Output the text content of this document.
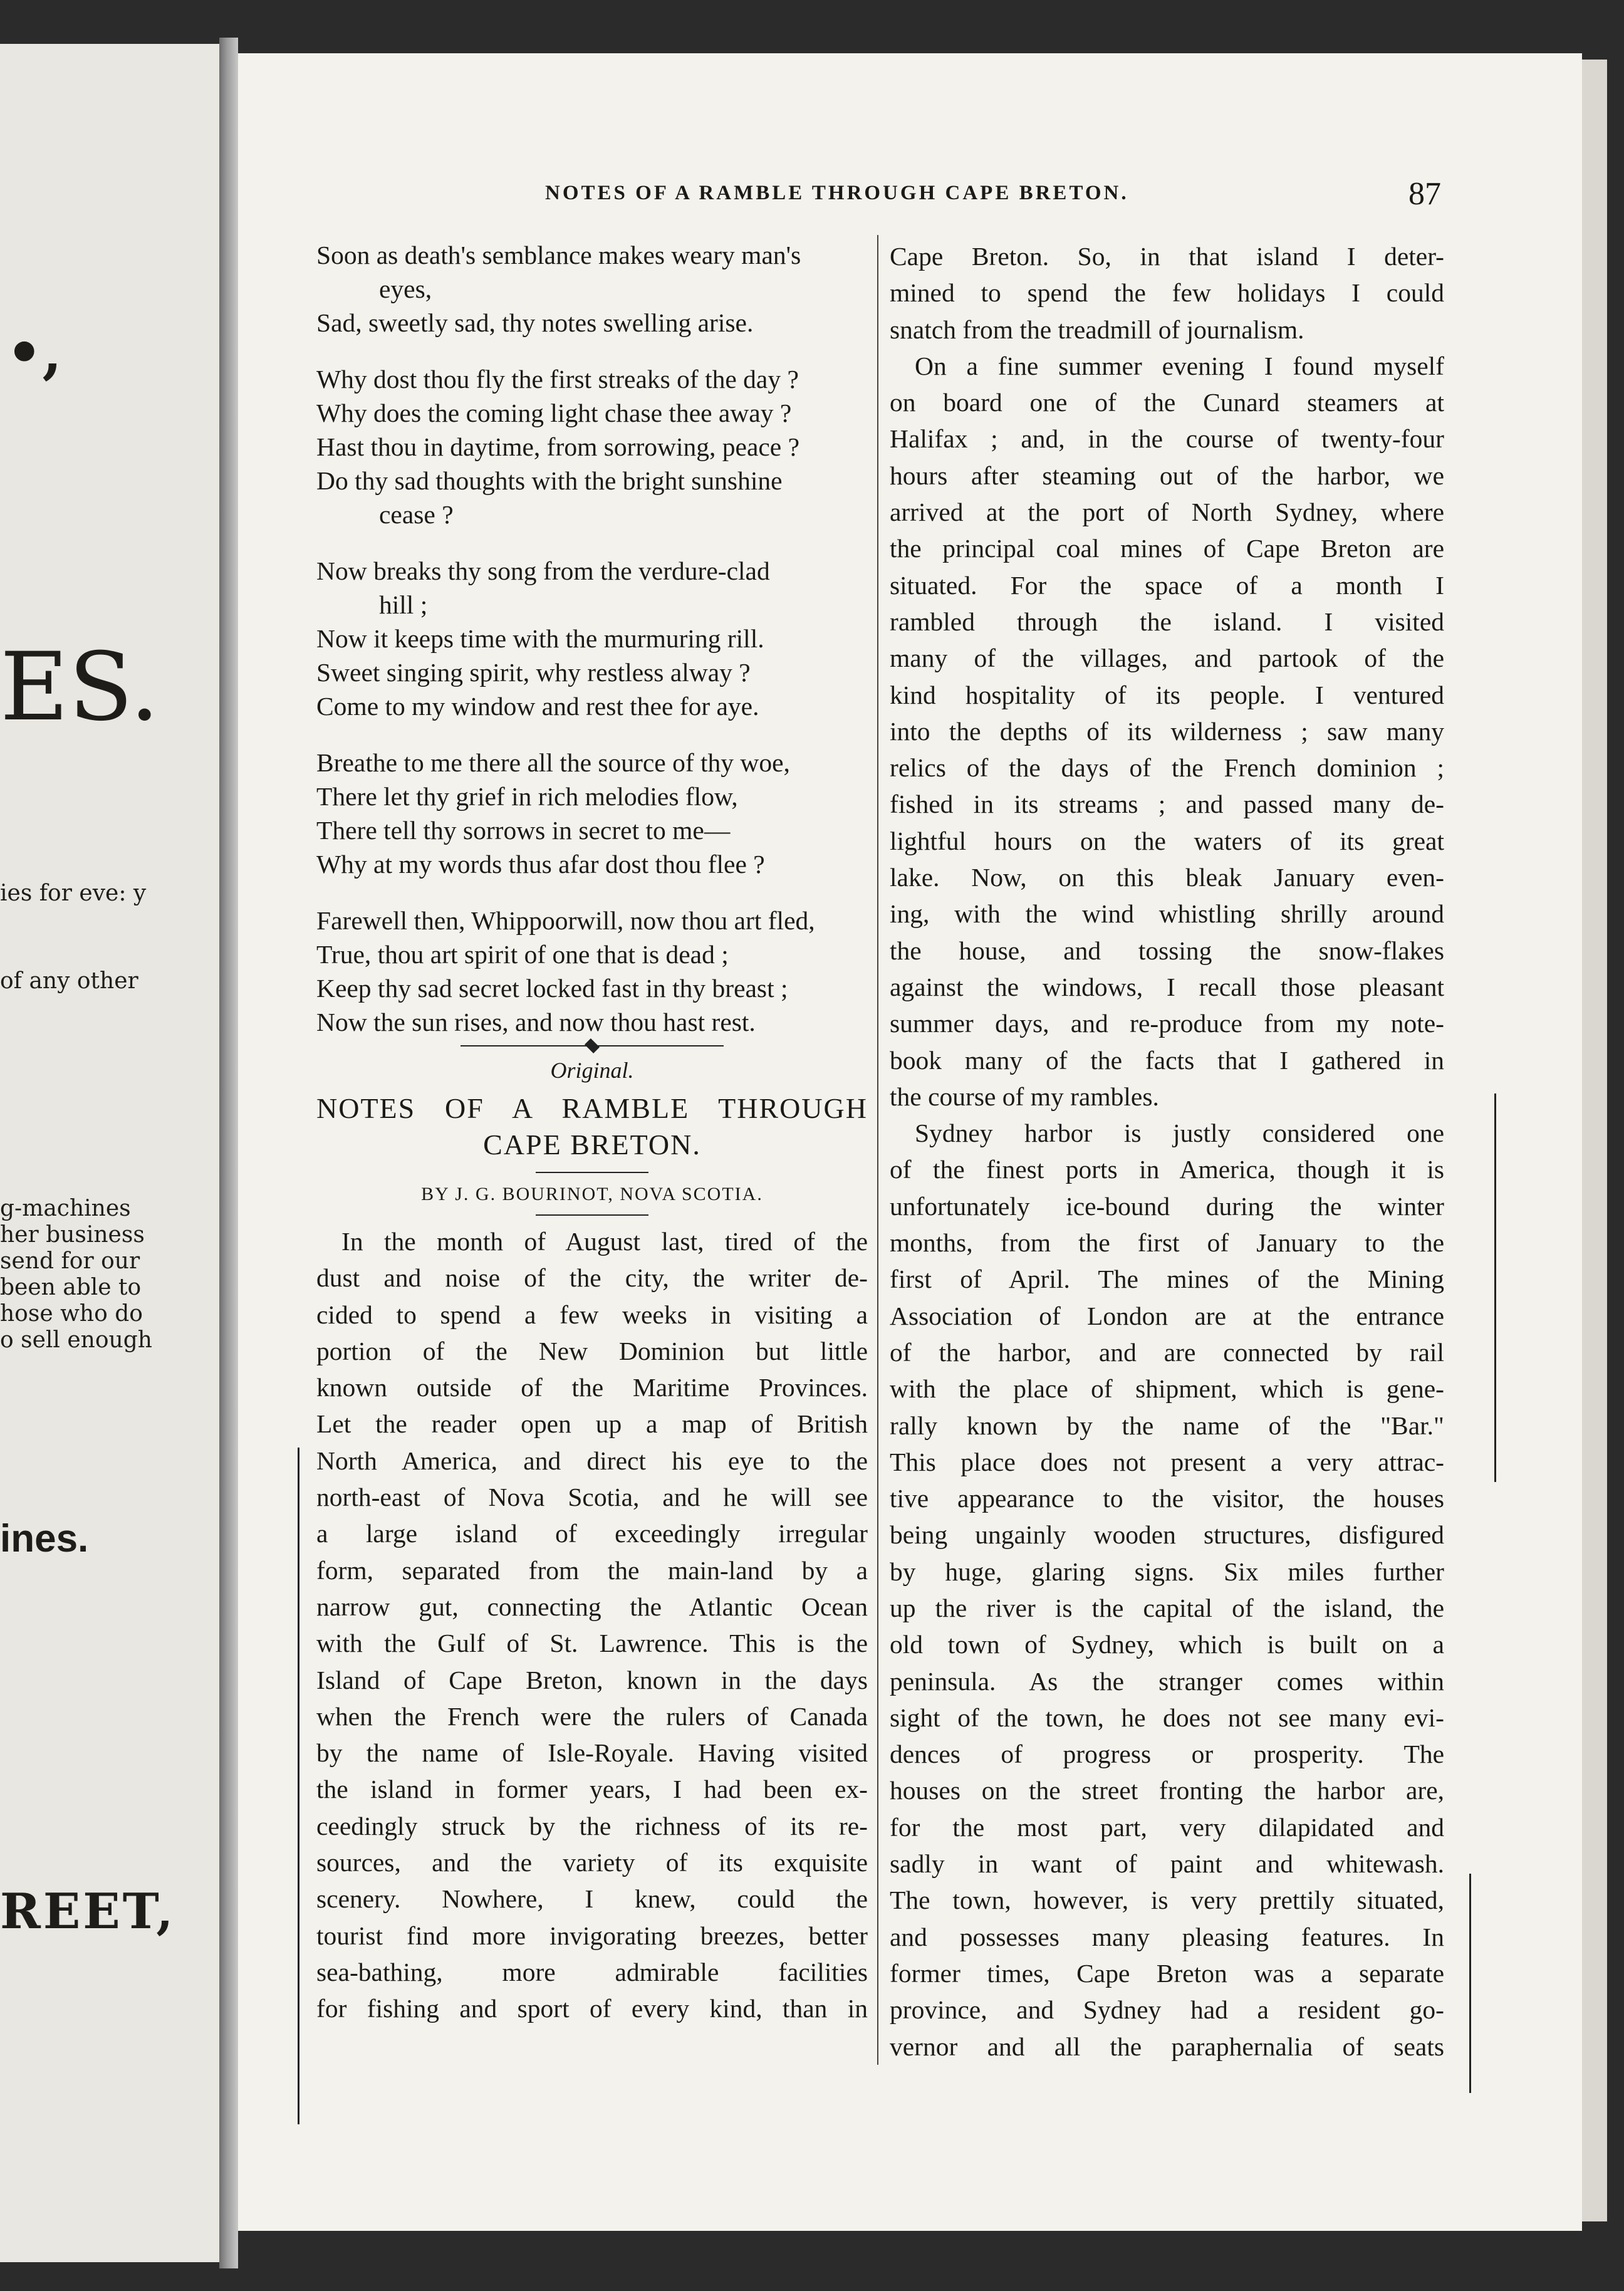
•,
ES.
ies for eve: y
of any other
g-machines
her business
send for our
been able to
hose who do
o sell enough
ines.
REET,
NOTES OF A RAMBLE THROUGH CAPE BRETON.	87
Soon as death's semblance makes weary man's
eyes,
Sad, sweetly sad, thy notes swelling arise.
Why dost thou fly the first streaks of the day ?
Why does the coming light chase thee away ?
Hast thou in daytime, from sorrowing, peace ?
Do thy sad thoughts with the bright sunshine
cease ?
Now breaks thy song from the verdure-clad
hill ;
Now it keeps time with the murmuring rill.
Sweet singing spirit, why restless alway ?
Come to my window and rest thee for aye.
Breathe to me there all the source of thy woe,
There let thy grief in rich melodies flow,
There tell thy sorrows in secret to me—
Why at my words thus afar dost thou flee ?
Farewell then, Whippoorwill, now thou art fled,
True, thou art spirit of one that is dead ;
Keep thy sad secret locked fast in thy breast ;
Now the sun rises, and now thou hast rest.
Original.
NOTES OF A RAMBLE THROUGH CAPE BRETON.
BY J. G. BOURINOT, NOVA SCOTIA.
In the month of August last, tired of the
dust and noise of the city, the writer de-
cided to spend a few weeks in visiting a
portion of the New Dominion but little
known outside of the Maritime Provinces.
Let the reader open up a map of British
North America, and direct his eye to the
north-east of Nova Scotia, and he will see
a large island of exceedingly irregular
form, separated from the main-land by a
narrow gut, connecting the Atlantic Ocean
with the Gulf of St. Lawrence. This is the
Island of Cape Breton, known in the days
when the French were the rulers of Canada
by the name of Isle-Royale. Having visited
the island in former years, I had been ex-
ceedingly struck by the richness of its re-
sources, and the variety of its exquisite
scenery. Nowhere, I knew, could the
tourist find more invigorating breezes, better
sea-bathing, more admirable facilities
for fishing and sport of every kind, than in
Cape Breton. So, in that island I deter-
mined to spend the few holidays I could
snatch from the treadmill of journalism.
On a fine summer evening I found myself
on board one of the Cunard steamers at
Halifax ; and, in the course of twenty-four
hours after steaming out of the harbor, we
arrived at the port of North Sydney, where
the principal coal mines of Cape Breton are
situated. For the space of a month I
rambled through the island. I visited
many of the villages, and partook of the
kind hospitality of its people. I ventured
into the depths of its wilderness ; saw many
relics of the days of the French dominion ;
fished in its streams ; and passed many de-
lightful hours on the waters of its great
lake. Now, on this bleak January even-
ing, with the wind whistling shrilly around
the house, and tossing the snow-flakes
against the windows, I recall those pleasant
summer days, and re-produce from my note-
book many of the facts that I gathered in
the course of my rambles.
Sydney harbor is justly considered one
of the finest ports in America, though it is
unfortunately ice-bound during the winter
months, from the first of January to the
first of April. The mines of the Mining
Association of London are at the entrance
of the harbor, and are connected by rail
with the place of shipment, which is gene-
rally known by the name of the "Bar."
This place does not present a very attrac-
tive appearance to the visitor, the houses
being ungainly wooden structures, disfigured
by huge, glaring signs. Six miles further
up the river is the capital of the island, the
old town of Sydney, which is built on a
peninsula. As the stranger comes within
sight of the town, he does not see many evi-
dences of progress or prosperity. The
houses on the street fronting the harbor are,
for the most part, very dilapidated and
sadly in want of paint and whitewash.
The town, however, is very prettily situated,
and possesses many pleasing features. In
former times, Cape Breton was a separate
province, and Sydney had a resident go-
vernor and all the paraphernalia of seats
